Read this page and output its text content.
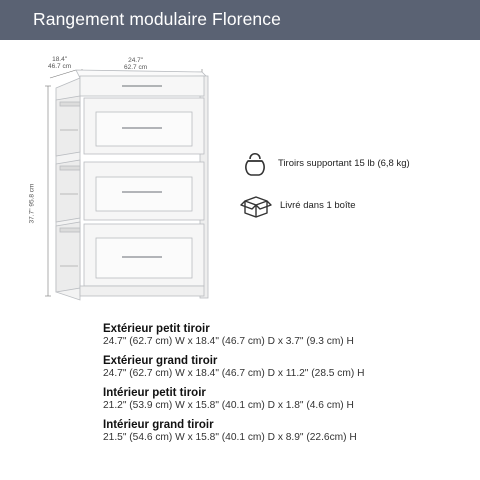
Rangement modulaire Florence
18.4"
46.7 cm
24.7"
62.7 cm
37.7" 95.8 cm
Tiroirs supportant 15 lb (6,8 kg)
Livré dans 1 boîte
Extérieur petit tiroir
24.7" (62.7 cm) W x 18.4" (46.7 cm) D x 3.7" (9.3 cm) H
Extérieur grand tiroir
24.7" (62.7 cm) W x 18.4" (46.7 cm) D x 11.2" (28.5 cm) H
Intérieur petit tiroir
21.2" (53.9 cm) W x 15.8" (40.1 cm) D x 1.8" (4.6 cm) H
Intérieur grand tiroir
21.5" (54.6 cm) W x 15.8" (40.1 cm) D x 8.9" (22.6cm) H
